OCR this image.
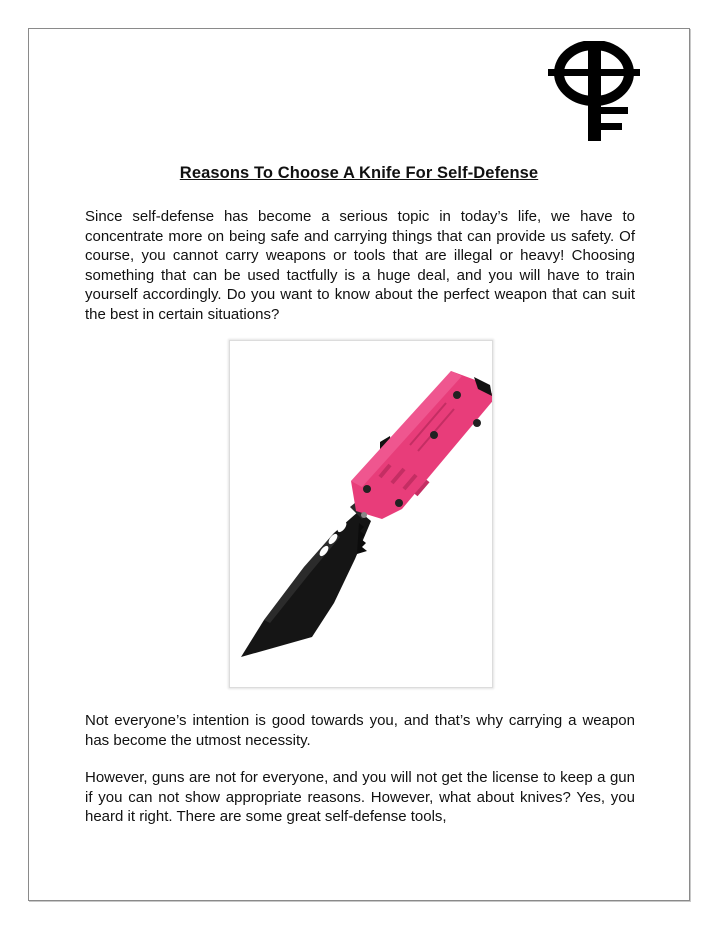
Reasons To Choose A Knife For Self-Defense

Since self-defense has become a serious topic in today’s life, we have to concentrate more on being safe and carrying things that can provide us safety. Of course, you cannot carry weapons or tools that are illegal or heavy! Choosing something that can be used tactfully is a huge deal, and you will have to train yourself accordingly. Do you want to know about the perfect weapon that can suit the best in certain situations?

Not everyone’s intention is good towards you, and that’s why carrying a weapon has become the utmost necessity.

However, guns are not for everyone, and you will not get the license to keep a gun if you can not show appropriate reasons. However, what about knives? Yes, you heard it right. There are some great self-defense tools,
